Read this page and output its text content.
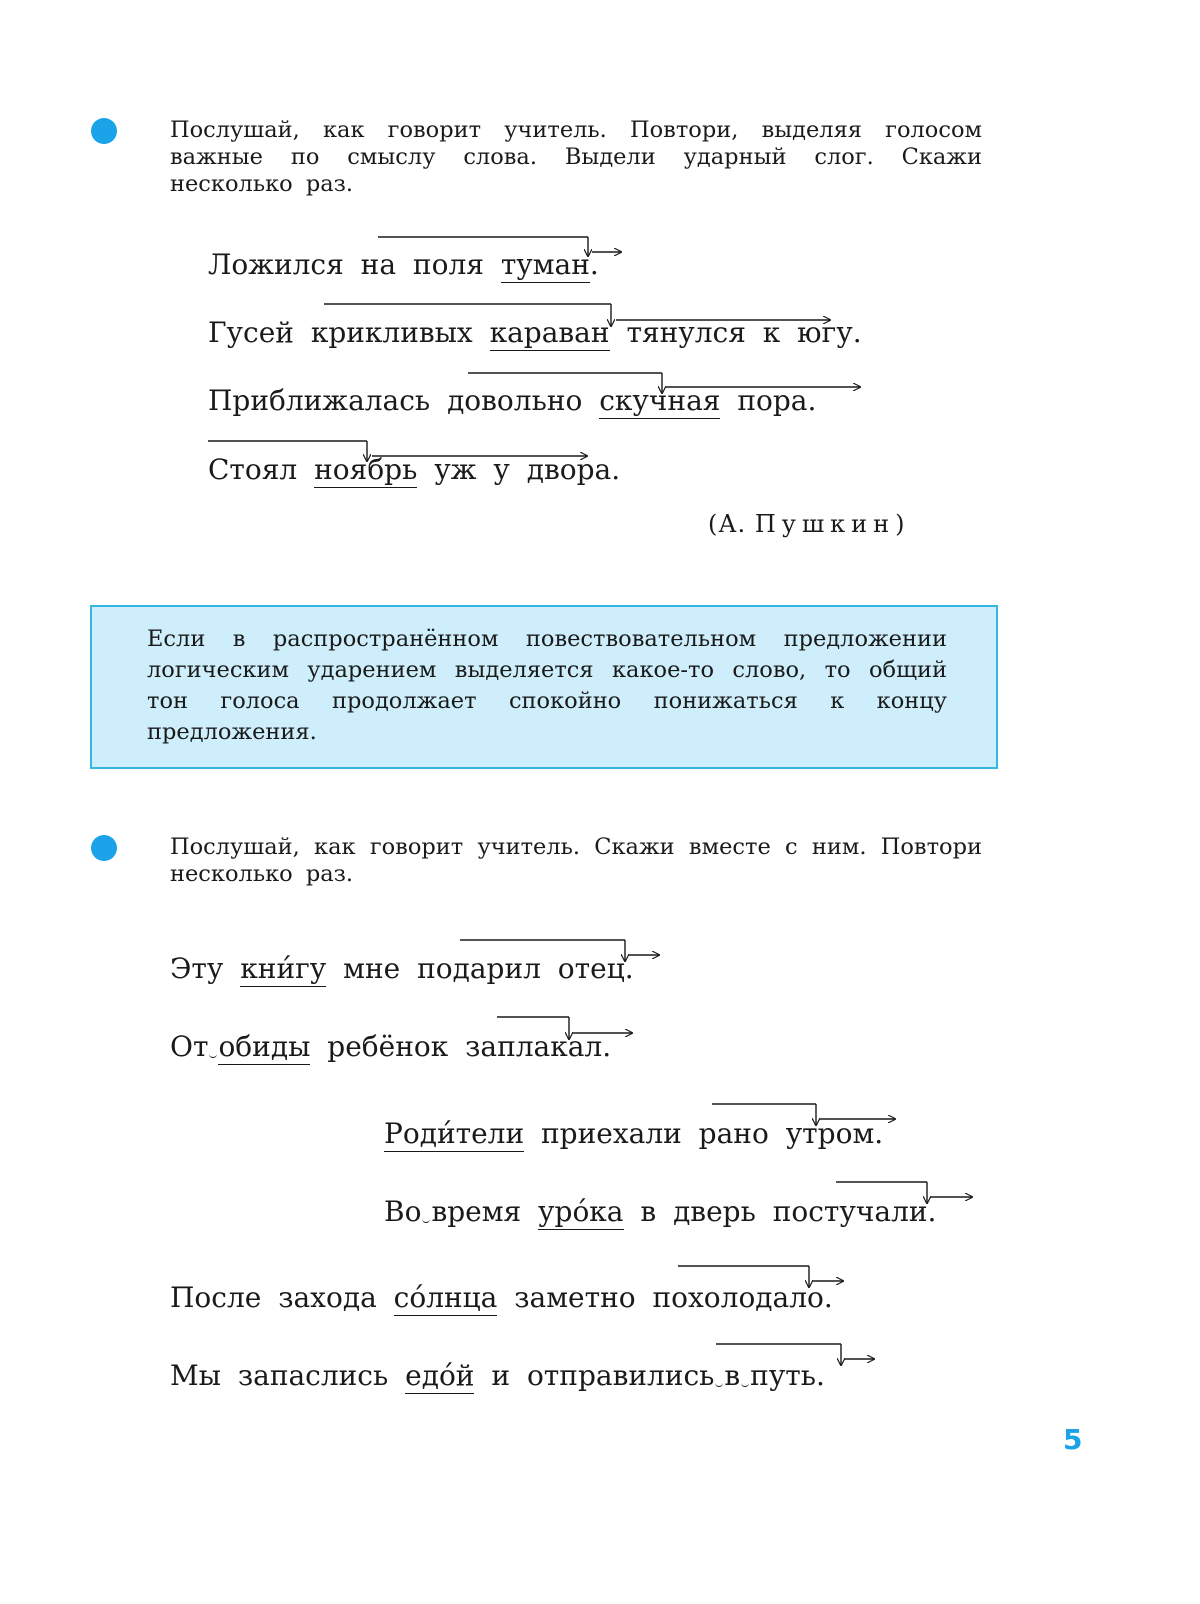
Послушай, как говорит учитель. Повтори, выделяя голосом важные по смыслу слова. Выдели ударный слог. Скажи несколько раз.
Ложился на поля туман.
Гусей крикливых караван тянулся к югу.
Приближалась довольно скучная пора.
Стоял ноябрь уж у двора.
(А. Пушкин)
Если в распространённом повествовательном предложении логическим ударением выделяется какое-то слово, то общий тон голоса продолжает спокойно понижаться к концу предложения.
Послушай, как говорит учитель. Скажи вместе с ним. Повтори несколько раз.
Эту кни́гу мне подарил отец.
От обиды ребёнок заплакал.
Роди́тели приехали рано утром.
Во время уро́ка в дверь постучали.
После захода со́лнца заметно похолодало.
Мы запаслись едо́й и отправились в путь.
5
